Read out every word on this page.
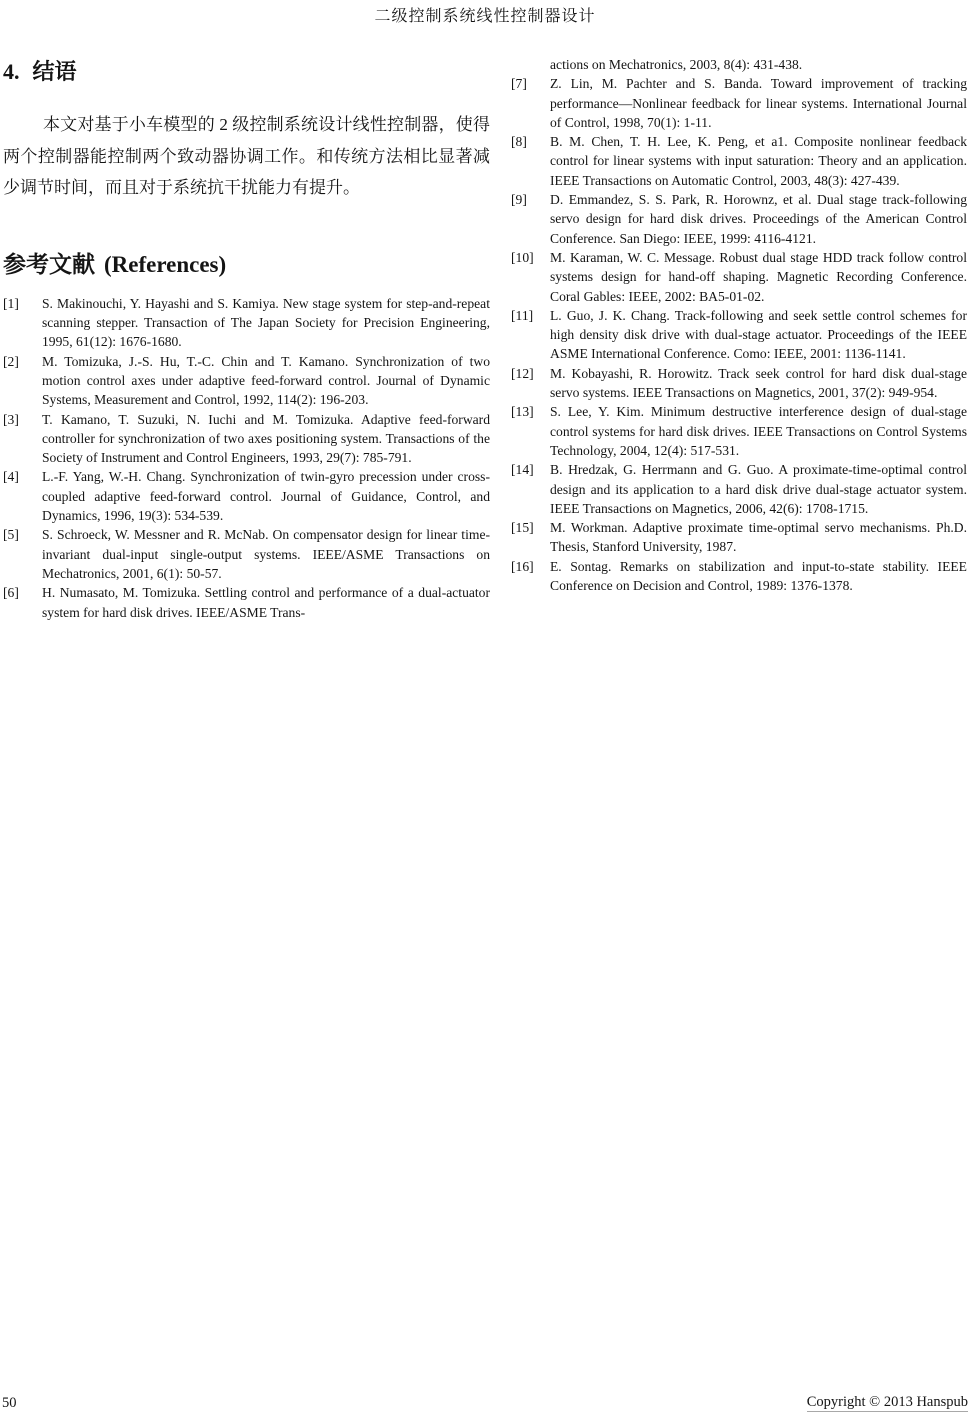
二级控制系统线性控制器设计
4. 结语

本文对基于小车模型的 2 级控制系统设计线性控制器，使得两个控制器能控制两个致动器协调工作。和传统方法相比显著减少调节时间，而且对于系统抗干扰能力有提升。

参考文献 (References)
[1] S. Makinouchi, Y. Hayashi and S. Kamiya. New stage system for step-and-repeat scanning stepper. Transaction of The Japan Society for Precision Engineering, 1995, 61(12): 1676-1680.
[2] M. Tomizuka, J.-S. Hu, T.-C. Chin and T. Kamano. Synchronization of two motion control axes under adaptive feed-forward control. Journal of Dynamic Systems, Measurement and Control, 1992, 114(2): 196-203.
[3] T. Kamano, T. Suzuki, N. Iuchi and M. Tomizuka. Adaptive feed-forward controller for synchronization of two axes positioning system. Transactions of the Society of Instrument and Control Engineers, 1993, 29(7): 785-791.
[4] L.-F. Yang, W.-H. Chang. Synchronization of twin-gyro precession under cross-coupled adaptive feed-forward control. Journal of Guidance, Control, and Dynamics, 1996, 19(3): 534-539.
[5] S. Schroeck, W. Messner and R. McNab. On compensator design for linear time-invariant dual-input single-output systems. IEEE/ASME Transactions on Mechatronics, 2001, 6(1): 50-57.
[6] H. Numasato, M. Tomizuka. Settling control and performance of a dual-actuator system for hard disk drives. IEEE/ASME Trans-
actions on Mechatronics, 2003, 8(4): 431-438.
[7] Z. Lin, M. Pachter and S. Banda. Toward improvement of tracking performance—Nonlinear feedback for linear systems. International Journal of Control, 1998, 70(1): 1-11.
[8] B. M. Chen, T. H. Lee, K. Peng, et a1. Composite nonlinear feedback control for linear systems with input saturation: Theory and an application. IEEE Transactions on Automatic Control, 2003, 48(3): 427-439.
[9] D. Emmandez, S. S. Park, R. Horownz, et al. Dual stage track-following servo design for hard disk drives. Proceedings of the American Control Conference. San Diego: IEEE, 1999: 4116-4121.
[10] M. Karaman, W. C. Message. Robust dual stage HDD track follow control systems design for hand-off shaping. Magnetic Recording Conference. Coral Gables: IEEE, 2002: BA5-01-02.
[11] L. Guo, J. K. Chang. Track-following and seek settle control schemes for high density disk drive with dual-stage actuator. Proceedings of the IEEE ASME International Conference. Como: IEEE, 2001: 1136-1141.
[12] M. Kobayashi, R. Horowitz. Track seek control for hard disk dual-stage servo systems. IEEE Transactions on Magnetics, 2001, 37(2): 949-954.
[13] S. Lee, Y. Kim. Minimum destructive interference design of dual-stage control systems for hard disk drives. IEEE Transactions on Control Systems Technology, 2004, 12(4): 517-531.
[14] B. Hredzak, G. Herrmann and G. Guo. A proximate-time-optimal control design and its application to a hard disk drive dual-stage actuator system. IEEE Transactions on Magnetics, 2006, 42(6): 1708-1715.
[15] M. Workman. Adaptive proximate time-optimal servo mechanisms. Ph.D. Thesis, Stanford University, 1987.
[16] E. Sontag. Remarks on stabilization and input-to-state stability. IEEE Conference on Decision and Control, 1989: 1376-1378.
50	Copyright © 2013 Hanspub
